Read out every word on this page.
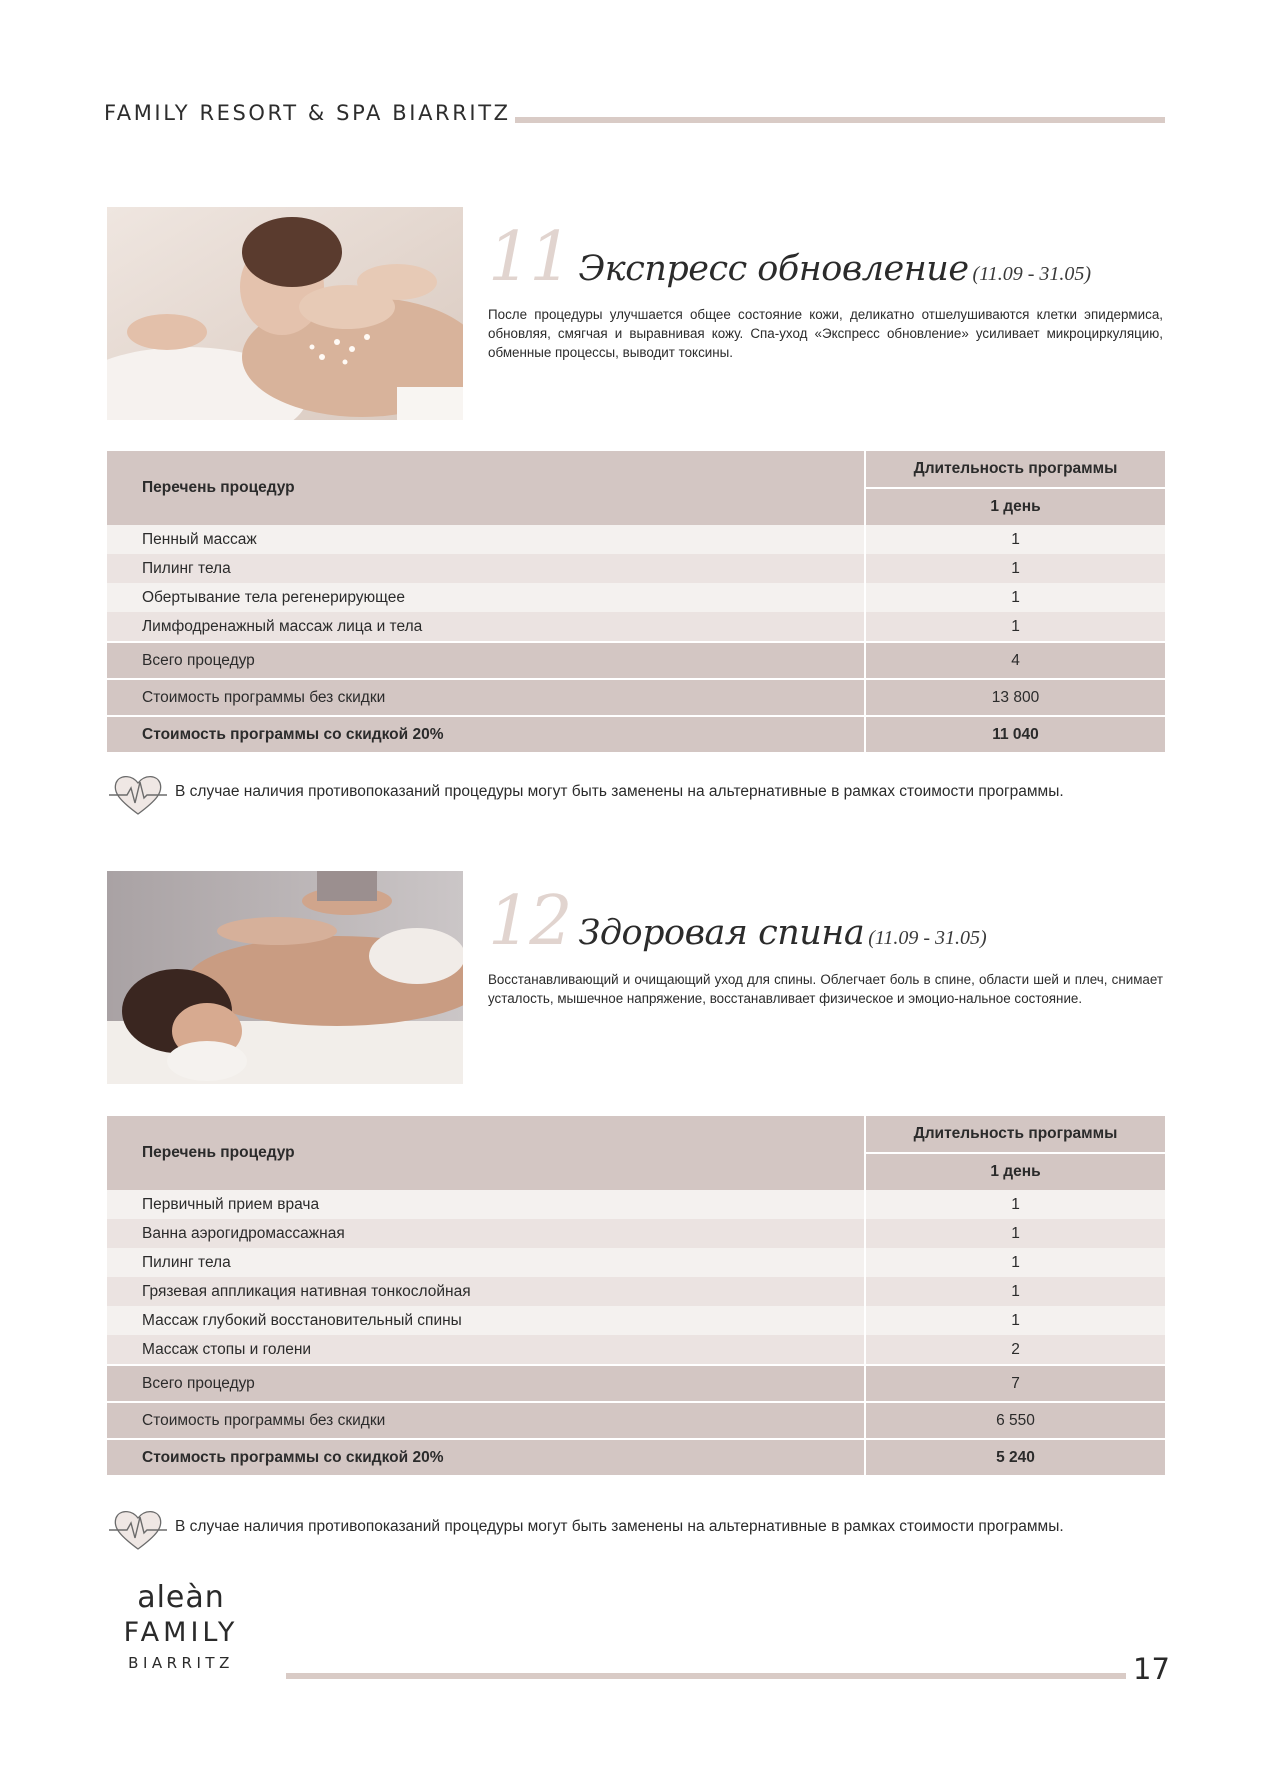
FAMILY RESORT & SPA BIARRITZ
11 Экспресс обновление (11.09 - 31.05)
После процедуры улучшается общее состояние кожи, деликатно отшелушиваются клетки эпидермиса, обновляя, смягчая и выравнивая кожу. Спа-уход «Экспресс обновление» усиливает микроциркуляцию, обменные процессы, выводит токсины.
Перечень процедур	Длительность программы
	1 день
Пенный массаж	1
Пилинг тела	1
Обертывание тела регенерирующее	1
Лимфодренажный массаж лица и тела	1
Всего процедур	4
Стоимость программы без скидки	13 800
Стоимость программы со скидкой 20%	11 040
В случае наличия противопоказаний процедуры могут быть заменены на альтернативные в рамках стоимости программы.
12 Здоровая спина (11.09 - 31.05)
Восстанавливающий и очищающий уход для спины. Облегчает боль в спине, области шей и плеч, снимает усталость, мышечное напряжение, восстанавливает физическое и эмоцио-нальное состояние.
Перечень процедур	Длительность программы
	1 день
Первичный прием врача	1
Ванна аэрогидромассажная	1
Пилинг тела	1
Грязевая аппликация нативная тонкослойная	1
Массаж глубокий восстановительный спины	1
Массаж стопы и голени	2
Всего процедур	7
Стоимость программы без скидки	6 550
Стоимость программы со скидкой 20%	5 240
В случае наличия противопоказаний процедуры могут быть заменены на альтернативные в рамках стоимости программы.
aleàn
FAMILY
BIARRITZ	17
